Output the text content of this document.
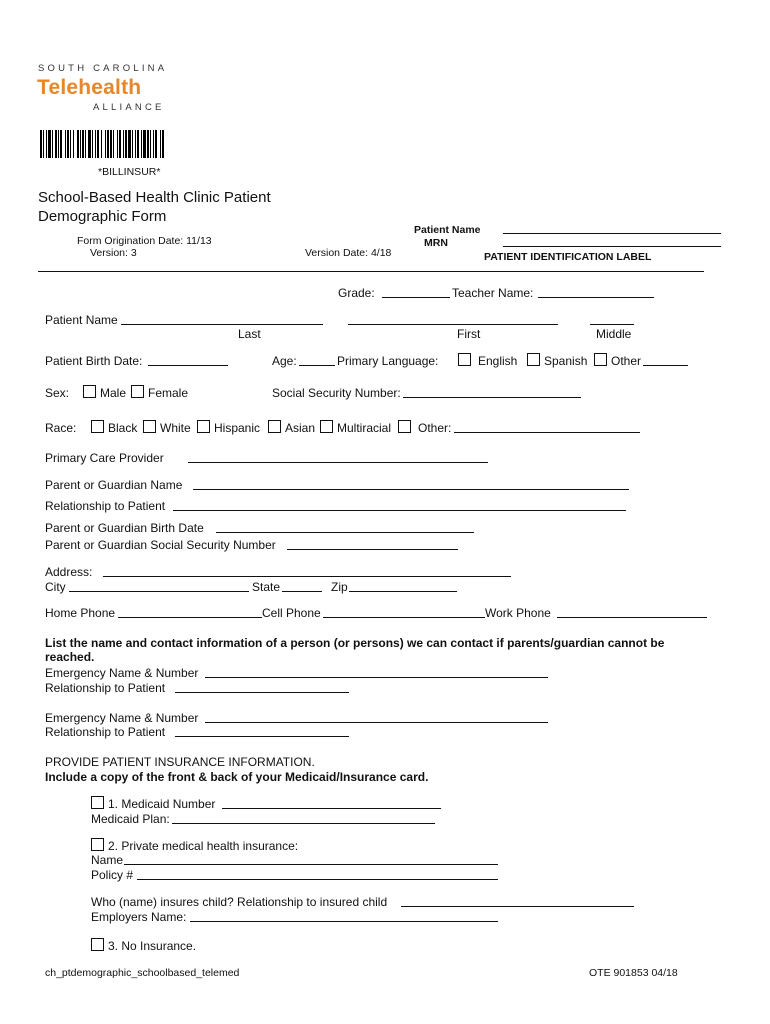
SOUTH CAROLINA
Telehealth
ALLIANCE
*BILLINSUR*
School-Based Health Clinic Patient
Demographic Form
Form Origination Date: 11/13
Version: 3	Version Date: 4/18
Patient Name
MRN
PATIENT IDENTIFICATION LABEL
Grade:	Teacher Name:
Patient Name
Last	First	Middle
Patient Birth Date:	Age:	Primary Language:	English Spanish Other
Sex:	Male Female	Social Security Number:
Race:	Black White Hispanic Asian Multiracial Other:
Primary Care Provider
Parent or Guardian Name
Relationship to Patient
Parent or Guardian Birth Date
Parent or Guardian Social Security Number
Address:
City	State	Zip
Home Phone	Cell Phone	Work Phone
List the name and contact information of a person (or persons) we can contact if parents/guardian cannot be
reached.
Emergency Name & Number
Relationship to Patient
Emergency Name & Number
Relationship to Patient
PROVIDE PATIENT INSURANCE INFORMATION.
Include a copy of the front & back of your Medicaid/Insurance card.
1. Medicaid Number
Medicaid Plan:
2. Private medical health insurance:
Name
Policy #
Who (name) insures child? Relationship to insured child
Employers Name:
3. No Insurance.
ch_ptdemographic_schoolbased_telemed	OTE 901853 04/18
